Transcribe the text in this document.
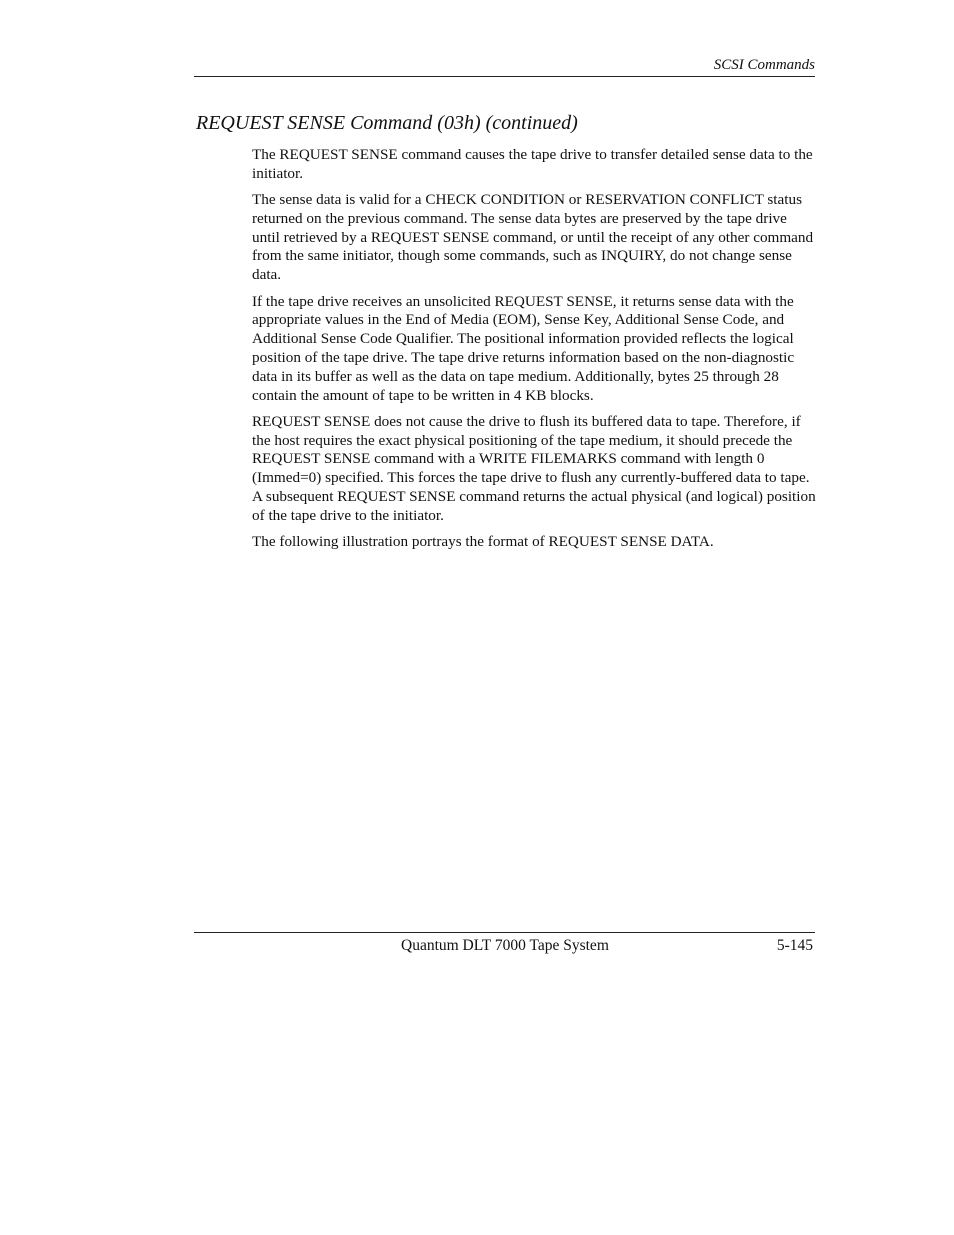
SCSI Commands
REQUEST SENSE Command (03h) (continued)

The REQUEST SENSE command causes the tape drive to transfer detailed sense data to the initiator.

The sense data is valid for a CHECK CONDITION or RESERVATION CONFLICT status returned on the previous command. The sense data bytes are preserved by the tape drive until retrieved by a REQUEST SENSE command, or until the receipt of any other command from the same initiator, though some commands, such as INQUIRY, do not change sense data.

If the tape drive receives an unsolicited REQUEST SENSE, it returns sense data with the appropriate values in the End of Media (EOM), Sense Key, Additional Sense Code, and Additional Sense Code Qualifier. The positional information provided reflects the logical position of the tape drive. The tape drive returns information based on the non-diagnostic data in its buffer as well as the data on tape medium. Additionally, bytes 25 through 28 contain the amount of tape to be written in 4 KB blocks.

REQUEST SENSE does not cause the drive to flush its buffered data to tape. Therefore, if the host requires the exact physical positioning of the tape medium, it should precede the REQUEST SENSE command with a WRITE FILEMARKS command with length 0 (Immed=0) specified. This forces the tape drive to flush any currently-buffered data to tape. A subsequent REQUEST SENSE command returns the actual physical (and logical) position of the tape drive to the initiator.

The following illustration portrays the format of REQUEST SENSE DATA.

Quantum DLT 7000 Tape System	5-145
